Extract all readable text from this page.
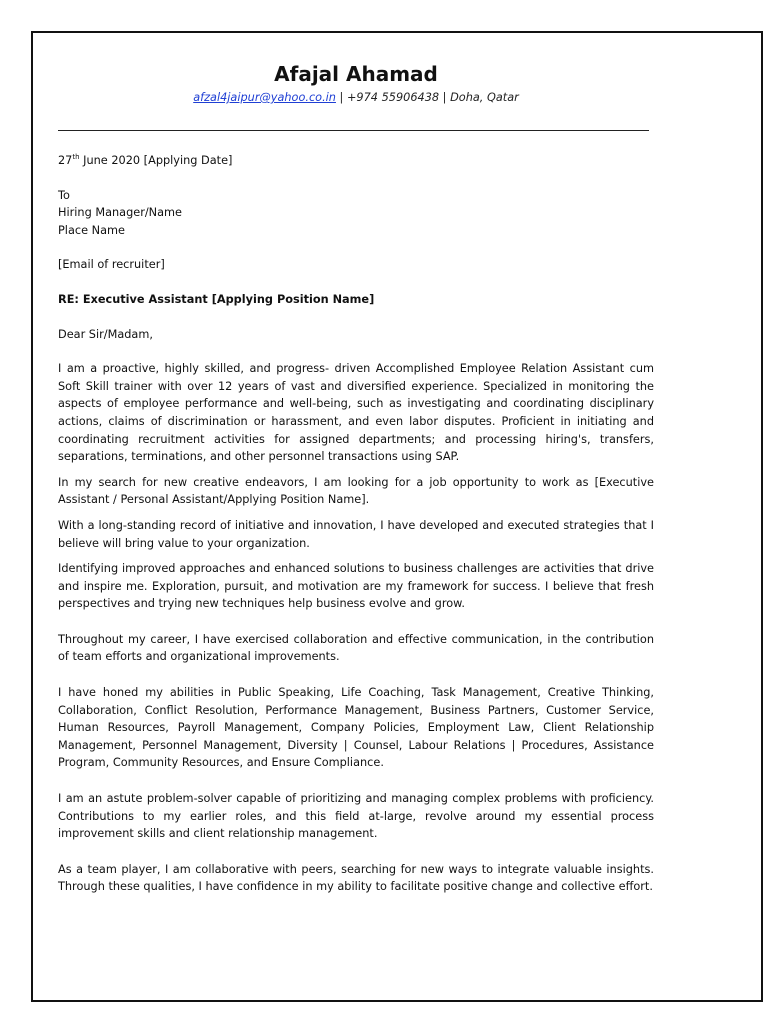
Afajal Ahamad
afzal4jaipur@yahoo.co.in | +974 55906438 | Doha, Qatar

27th June 2020 [Applying Date]

To

Hiring Manager/Name

Place Name

[Email of recruiter]

RE: Executive Assistant [Applying Position Name]

Dear Sir/Madam,

I am a proactive, highly skilled, and progress- driven Accomplished Employee Relation Assistant cum Soft Skill trainer with over 12 years of vast and diversified experience. Specialized in monitoring the aspects of employee performance and well-being, such as investigating and coordinating disciplinary actions, claims of discrimination or harassment, and even labor disputes. Proficient in initiating and coordinating recruitment activities for assigned departments; and processing hiring's, transfers, separations, terminations, and other personnel transactions using SAP.

In my search for new creative endeavors, I am looking for a job opportunity to work as [Executive Assistant / Personal Assistant/Applying Position Name].

With a long-standing record of initiative and innovation, I have developed and executed strategies that I believe will bring value to your organization.

Identifying improved approaches and enhanced solutions to business challenges are activities that drive and inspire me. Exploration, pursuit, and motivation are my framework for success. I believe that fresh perspectives and trying new techniques help business evolve and grow.

Throughout my career, I have exercised collaboration and effective communication, in the contribution of team efforts and organizational improvements.

I have honed my abilities in Public Speaking, Life Coaching, Task Management, Creative Thinking, Collaboration, Conflict Resolution, Performance Management, Business Partners, Customer Service, Human Resources, Payroll Management, Company Policies, Employment Law, Client Relationship Management, Personnel Management, Diversity | Counsel, Labour Relations | Procedures, Assistance Program, Community Resources, and Ensure Compliance.

I am an astute problem-solver capable of prioritizing and managing complex problems with proficiency. Contributions to my earlier roles, and this field at-large, revolve around my essential process improvement skills and client relationship management.

As a team player, I am collaborative with peers, searching for new ways to integrate valuable insights. Through these qualities, I have confidence in my ability to facilitate positive change and collective effort.
